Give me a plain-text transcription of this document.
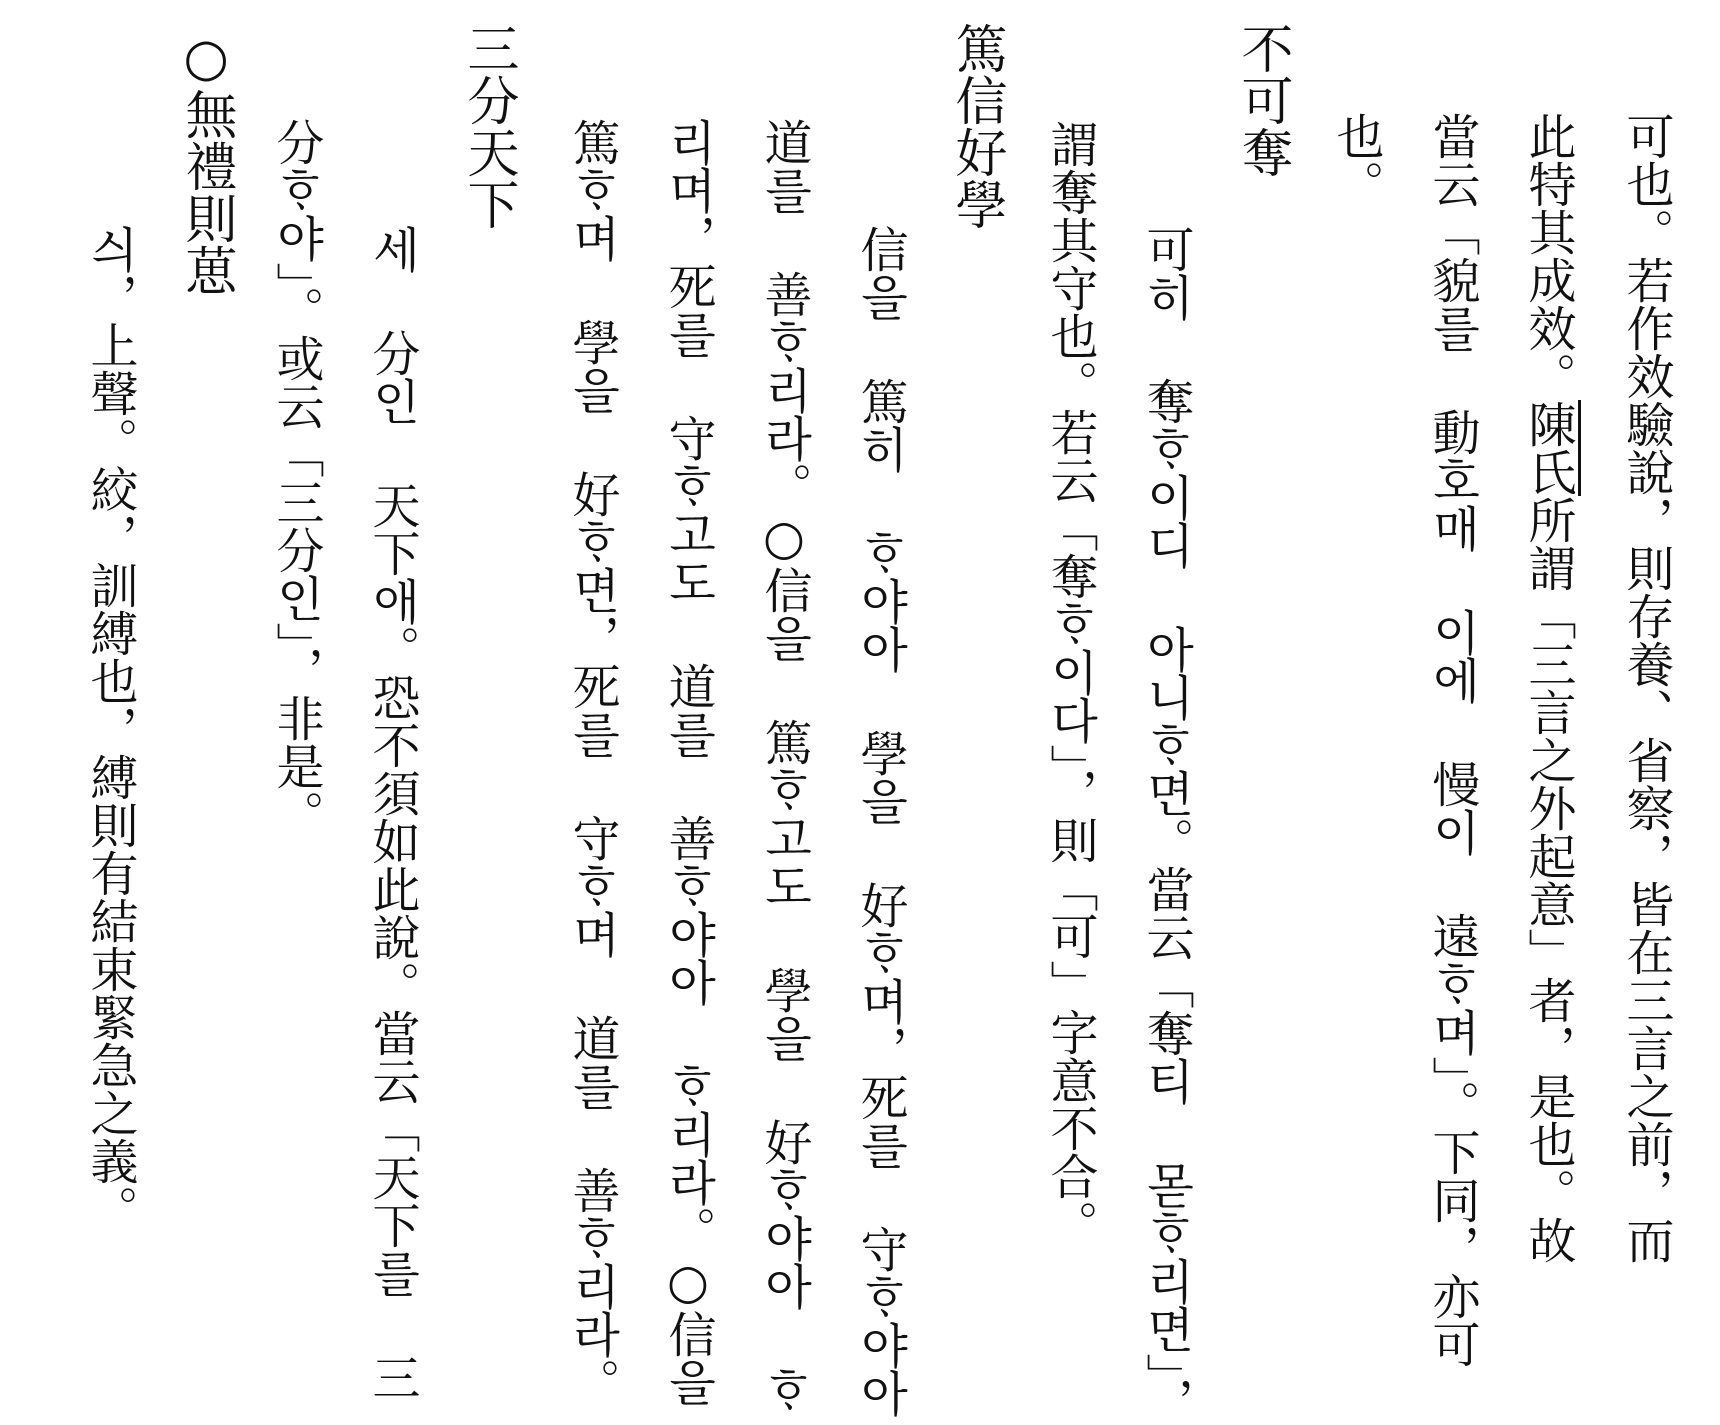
可也。若作效驗說，則存養、省察，皆在三言之前，而
此特其成效。陳氏所謂「三言之外起意」者，是也。故
當云「貌를 動호매 이에 慢이 遠ᄒᆞ며」。下同，亦可
也。
不可奪
可히 奪ᄒᆞ이디 아니ᄒᆞ면。當云「奪티 몯ᄒᆞ리면」，
謂奪其守也。若云「奪ᄒᆞ이다」，則「可」字意不合。
篤信好學
信을 篤히 ᄒᆞ야아 學을 好ᄒᆞ며，死를 守ᄒᆞ야아
道를 善ᄒᆞ리라。○信을 篤ᄒᆞ고도 學을 好ᄒᆞ야아 ᄒᆞ
리며，死를 守ᄒᆞ고도 道를 善ᄒᆞ야아 ᄒᆞ리라。○信을
篤ᄒᆞ며 學을 好ᄒᆞ면，死를 守ᄒᆞ며 道를 善ᄒᆞ리라。
三分天下
세 分인 天下애。恐不須如此說。當云「天下를 三
分ᄒᆞ야」。或云「三分인」，非是。
○無禮則葸
싀，上聲。絞，訓縛也，縛則有結束緊急之義。
